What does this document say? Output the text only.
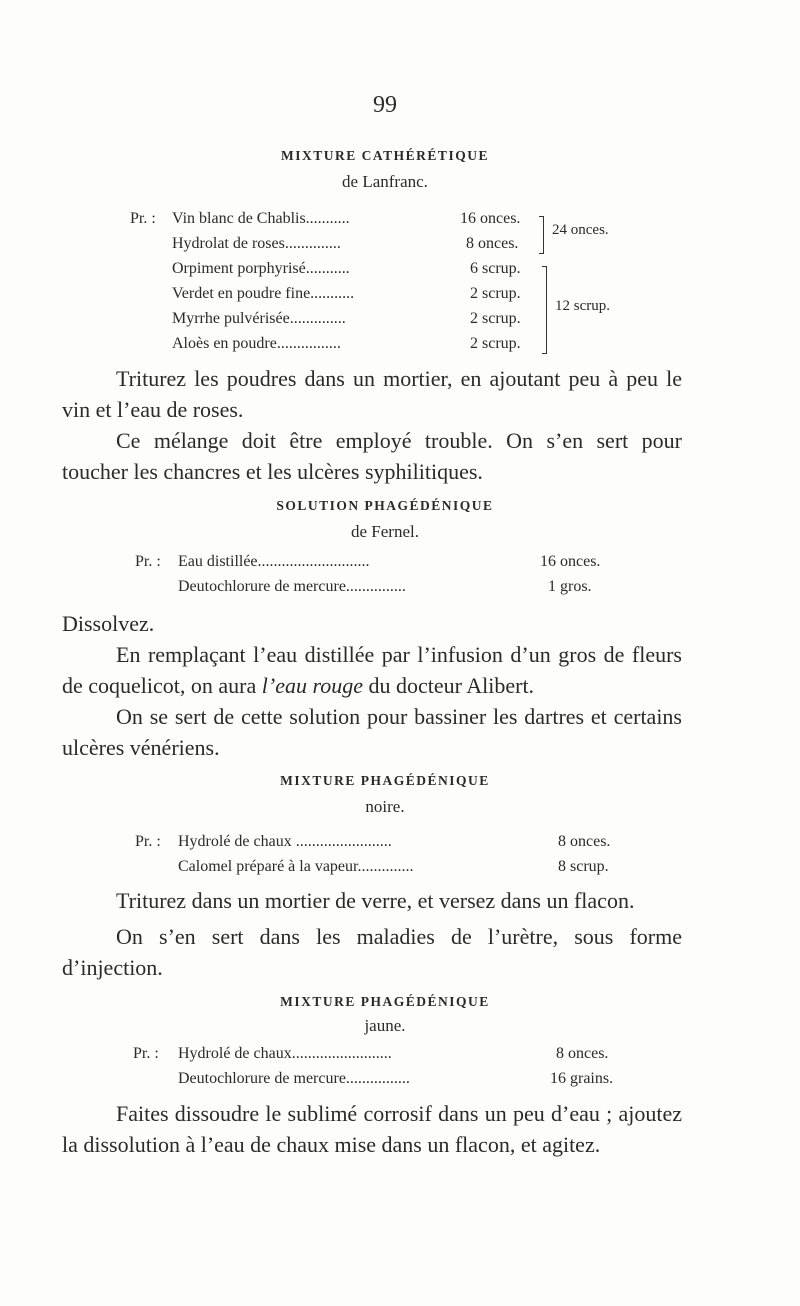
99
MIXTURE CATHÉRÉTIQUE
de Lanfranc.
Pr. : Vin blanc de Chablis...........	16 onces.
Hydrolat de roses..............	8 onces.
Orpiment porphyrisé...........	6 scrup.
Verdet en poudre fine...........	2 scrup.
Myrrhe pulvérisée..............	2 scrup.
Aloès en poudre................	2 scrup.
24 onces.
12 scrup.
Triturez les poudres dans un mortier, en ajoutant peu à peu le vin et l’eau de roses.
Ce mélange doit être employé trouble. On s’en sert pour toucher les chancres et les ulcères syphilitiques.
SOLUTION PHAGÉDÉNIQUE
de Fernel.
Pr. : Eau distillée............................	16 onces.
Deutochlorure de mercure...............	1 gros.
Dissolvez.
En remplaçant l’eau distillée par l’infusion d’un gros de fleurs de coquelicot, on aura l’eau rouge du docteur Alibert.
On se sert de cette solution pour bassiner les dartres et certains ulcères vénériens.
MIXTURE PHAGÉDÉNIQUE
noire.
Pr. : Hydrolé de chaux ........................	8 onces.
Calomel préparé à la vapeur..............	8 scrup.
Triturez dans un mortier de verre, et versez dans un flacon.
On s’en sert dans les maladies de l’urètre, sous forme d’injection.
MIXTURE PHAGÉDÉNIQUE
jaune.
Pr. : Hydrolé de chaux.........................	8 onces.
Deutochlorure de mercure................	16 grains.
Faites dissoudre le sublimé corrosif dans un peu d’eau ; ajoutez la dissolution à l’eau de chaux mise dans un flacon, et agitez.
